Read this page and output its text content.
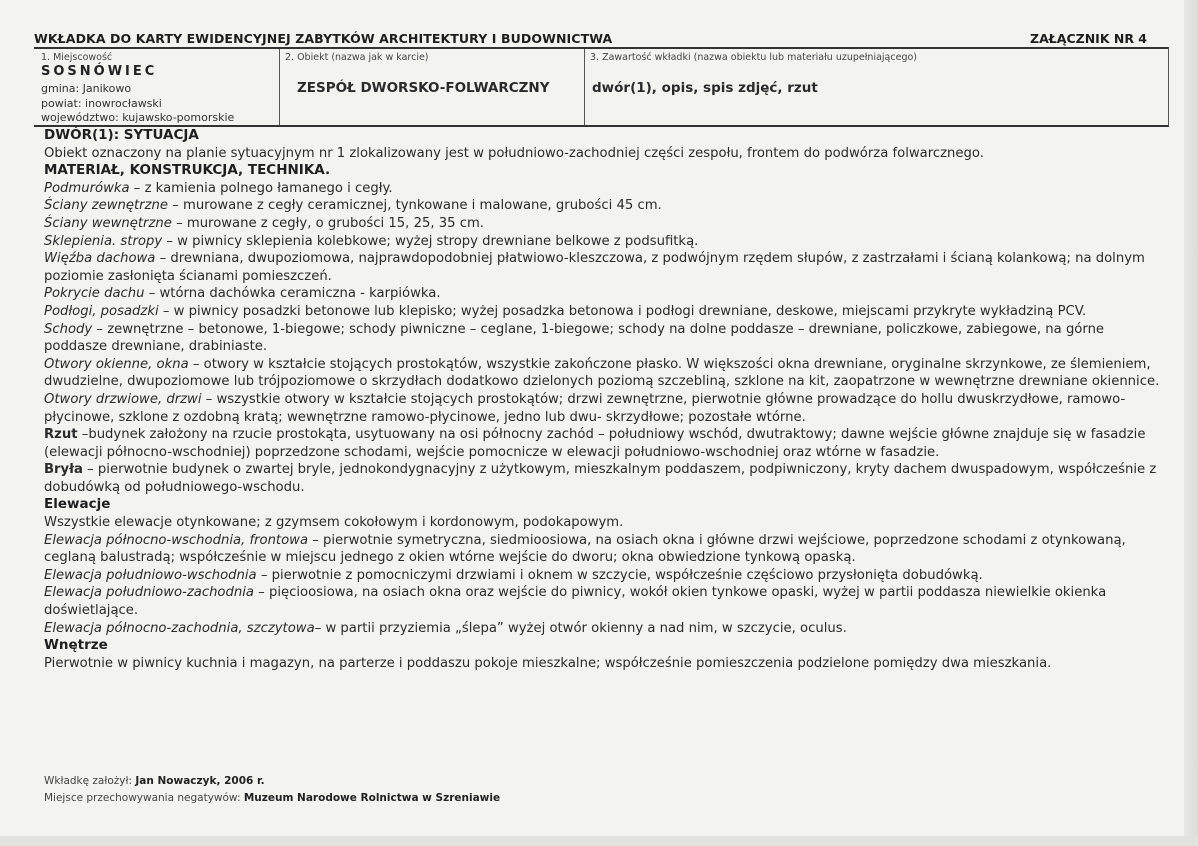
WKŁADKA DO KARTY EWIDENCYJNEJ ZABYTKÓW ARCHITEKTURY I BUDOWNICTWA	ZAŁĄCZNIK NR 4
1. Miejscowość
SOSNÓWIEC
gmina: Janikowo
powiat: inowrocławski
województwo: kujawsko-pomorskie
2. Obiekt (nazwa jak w karcie)
ZESPÓŁ DWORSKO-FOLWARCZNY
3. Zawartość wkładki (nazwa obiektu lub materiału uzupełniającego)
dwór(1), opis, spis zdjęć, rzut

DWÓR(1): SYTUACJA

Obiekt oznaczony na planie sytuacyjnym nr 1 zlokalizowany jest w południowo-zachodniej części zespołu, frontem do podwórza folwarcznego.

MATERIAŁ, KONSTRUKCJA, TECHNIKA.

Podmurówka – z kamienia polnego łamanego i cegły.

Ściany zewnętrzne – murowane z cegły ceramicznej, tynkowane i malowane, grubości 45 cm.

Ściany wewnętrzne – murowane z cegły, o grubości 15, 25, 35 cm.

Sklepienia. stropy – w piwnicy sklepienia kolebkowe; wyżej stropy drewniane belkowe z podsufitką.

Więźba dachowa – drewniana, dwupoziomowa, najprawdopodobniej płatwiowo-kleszczowa, z podwójnym rzędem słupów, z zastrzałami i ścianą kolankową; na dolnym poziomie zasłonięta ścianami pomieszczeń.

Pokrycie dachu – wtórna dachówka ceramiczna - karpiówka.

Podłogi, posadzki – w piwnicy posadzki betonowe lub klepisko; wyżej posadzka betonowa i podłogi drewniane, deskowe, miejscami przykryte wykładziną PCV.

Schody – zewnętrzne – betonowe, 1-biegowe; schody piwniczne – ceglane, 1-biegowe; schody na dolne poddasze – drewniane, policzkowe, zabiegowe, na górne poddasze drewniane, drabiniaste.

Otwory okienne, okna – otwory w kształcie stojących prostokątów, wszystkie zakończone płasko. W większości okna drewniane, oryginalne skrzynkowe, ze ślemieniem, dwudzielne, dwupoziomowe lub trójpoziomowe o skrzydłach dodatkowo dzielonych poziomą szczebliną, szklone na kit, zaopatrzone w wewnętrzne drewniane okiennice.

Otwory drzwiowe, drzwi – wszystkie otwory w kształcie stojących prostokątów; drzwi zewnętrzne, pierwotnie główne prowadzące do hollu dwuskrzydłowe, ramowo-płycinowe, szklone z ozdobną kratą; wewnętrzne ramowo-płycinowe, jedno lub dwu- skrzydłowe; pozostałe wtórne.

Rzut –budynek założony na rzucie prostokąta, usytuowany na osi północny zachód – południowy wschód, dwutraktowy; dawne wejście główne znajduje się w fasadzie (elewacji północno-wschodniej) poprzedzone schodami, wejście pomocnicze w elewacji południowo-wschodniej oraz wtórne w fasadzie.

Bryła – pierwotnie budynek o zwartej bryle, jednokondygnacyjny z użytkowym, mieszkalnym poddaszem, podpiwniczony, kryty dachem dwuspadowym, współcześnie z dobudówką od południowego-wschodu.

Elewacje

Wszystkie elewacje otynkowane; z gzymsem cokołowym i kordonowym, podokapowym.

Elewacja północno-wschodnia, frontowa – pierwotnie symetryczna, siedmioosiowa, na osiach okna i główne drzwi wejściowe, poprzedzone schodami z otynkowaną, ceglaną balustradą; współcześnie w miejscu jednego z okien wtórne wejście do dworu; okna obwiedzione tynkową opaską.

Elewacja południowo-wschodnia – pierwotnie z pomocniczymi drzwiami i oknem w szczycie, współcześnie częściowo przysłonięta dobudówką.

Elewacja południowo-zachodnia – pięcioosiowa, na osiach okna oraz wejście do piwnicy, wokół okien tynkowe opaski, wyżej w partii poddasza niewielkie okienka doświetlające.

Elewacja północno-zachodnia, szczytowa– w partii przyziemia „ślepa” wyżej otwór okienny a nad nim, w szczycie, oculus.

Wnętrze

Pierwotnie w piwnicy kuchnia i magazyn, na parterze i poddaszu pokoje mieszkalne; współcześnie pomieszczenia podzielone pomiędzy dwa mieszkania.

Wkładkę założył: Jan Nowaczyk, 2006 r.
Miejsce przechowywania negatywów: Muzeum Narodowe Rolnictwa w Szreniawie
